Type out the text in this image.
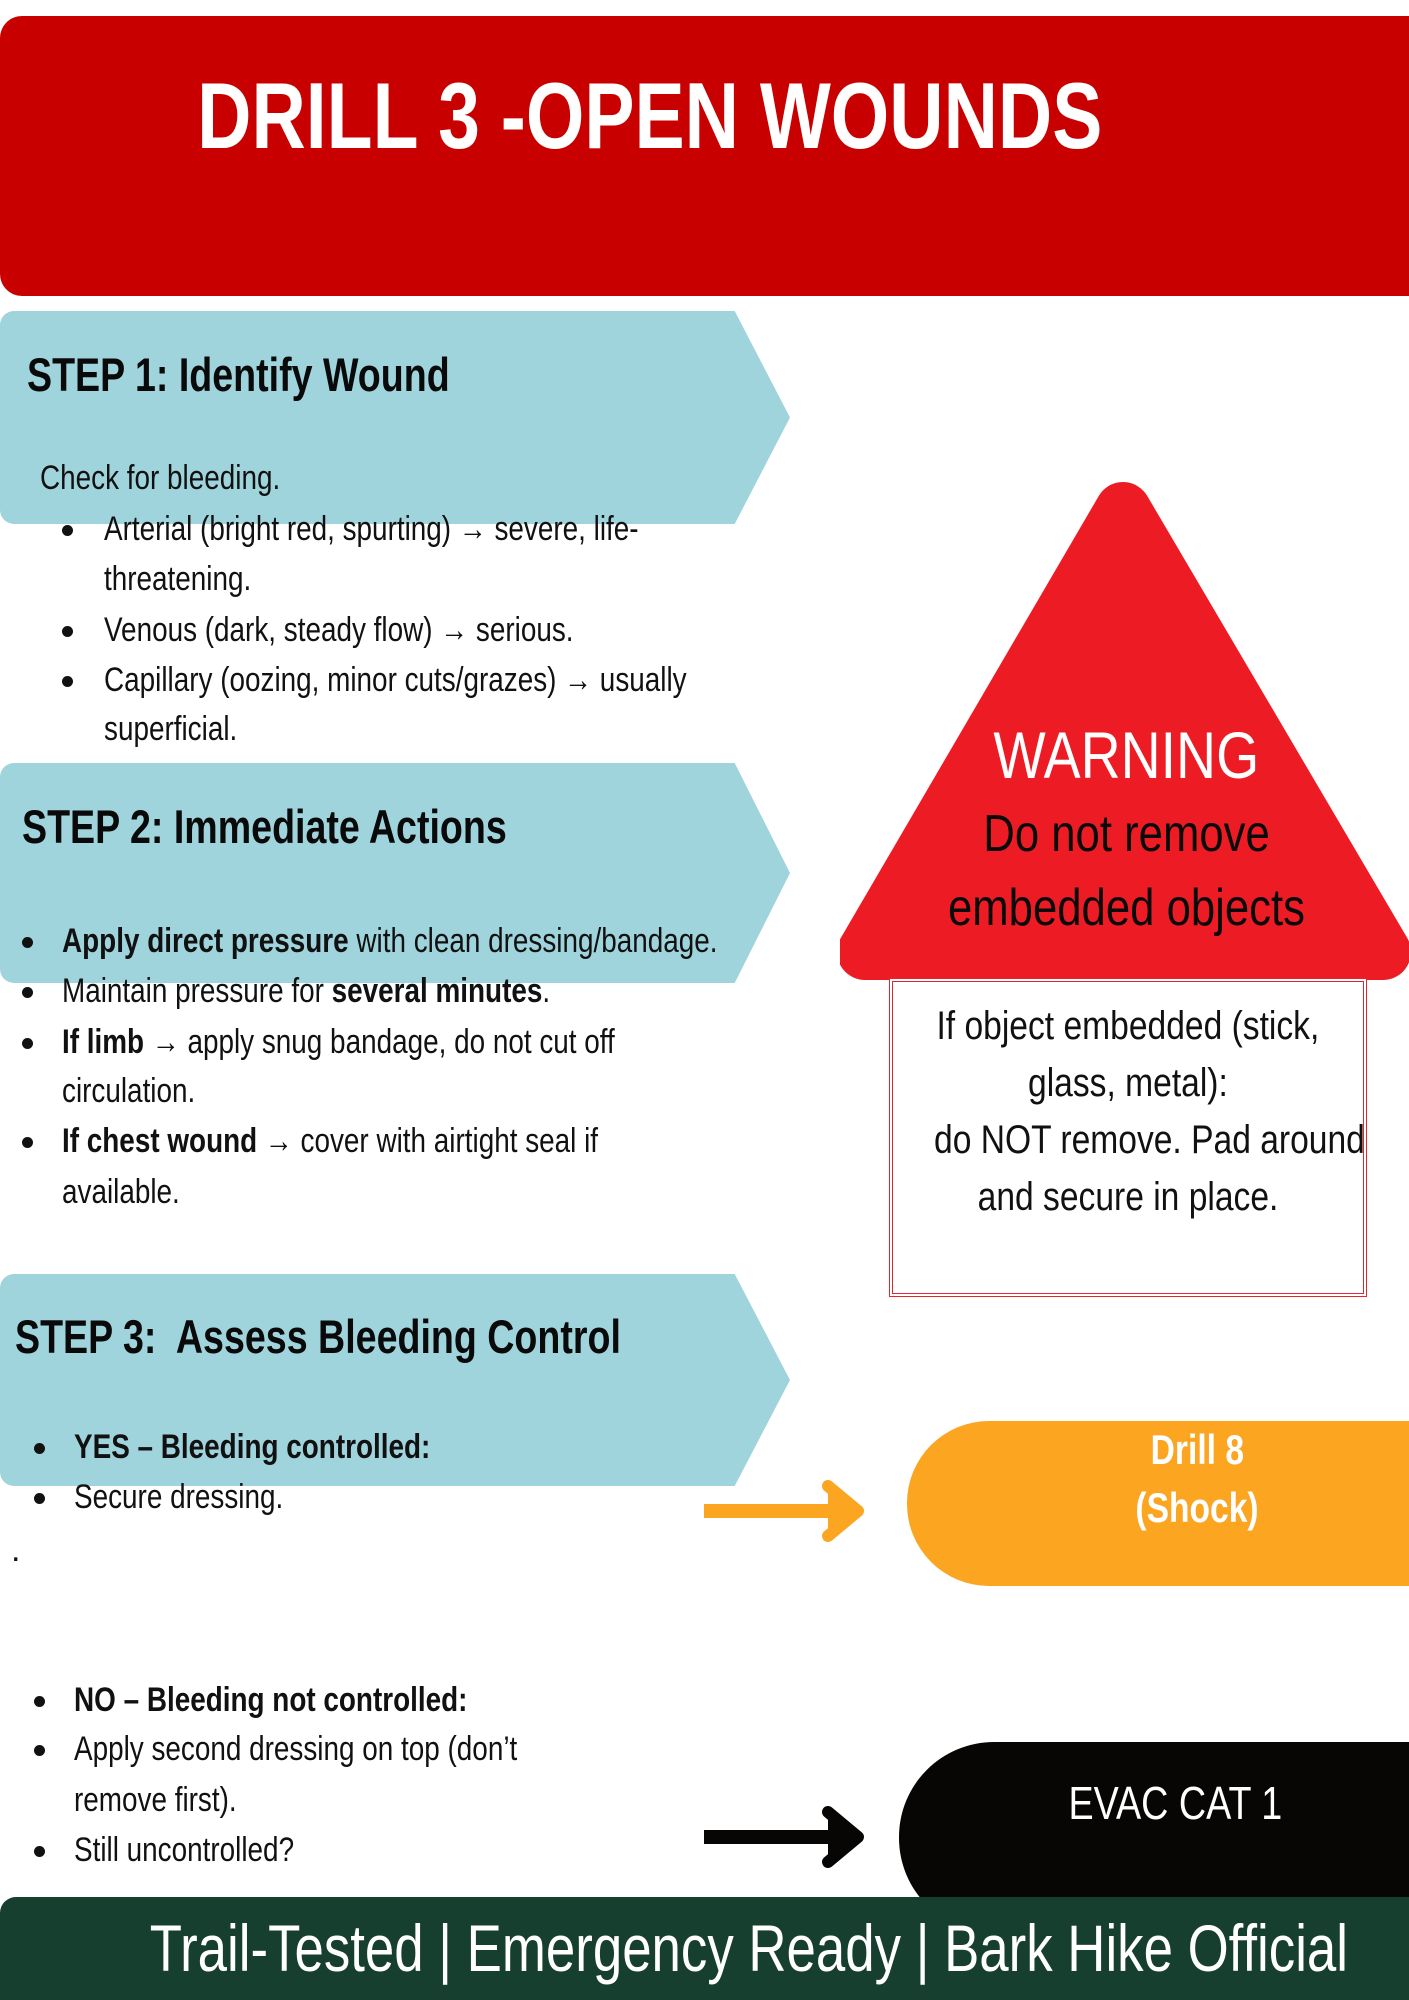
DRILL 3 -OPEN WOUNDS
STEP 1: Identify Wound
Check for bleeding.
Arterial (bright red, spurting) → severe, life-
threatening.
Venous (dark, steady flow) → serious.
Capillary (oozing, minor cuts/grazes) → usually
superficial.
STEP 2: Immediate Actions
Apply direct pressure with clean dressing/bandage.
Maintain pressure for several minutes.
If limb → apply snug bandage, do not cut off
circulation.
If chest wound → cover with airtight seal if
available.
WARNING
Do not remove
embedded objects
If object embedded (stick,
glass, metal):
do NOT remove. Pad around
and secure in place.
STEP 3:  Assess Bleeding Control
YES – Bleeding controlled:
Secure dressing.
.
Drill 8
(Shock)
NO – Bleeding not controlled:
Apply second dressing on top (don’t
remove first).
Still uncontrolled?
EVAC CAT 1
Trail-Tested | Emergency Ready | Bark Hike Official
